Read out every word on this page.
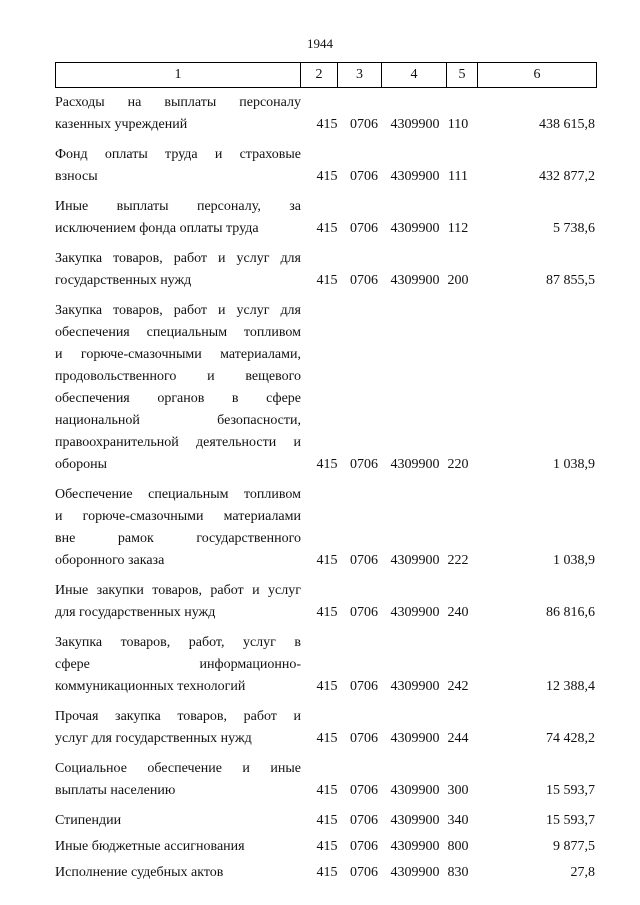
1944
1	2	3	4	5	6
Расходы на выплаты персоналу
казенных учреждений	415 0706 4309900 110	438 615,8
Фонд оплаты труда и страховые
взносы	415 0706 4309900 111	432 877,2
Иные выплаты персоналу, за
исключением фонда оплаты труда	415 0706 4309900 112	5 738,6
Закупка товаров, работ и услуг для
государственных нужд	415 0706 4309900 200	87 855,5
Закупка товаров, работ и услуг для
обеспечения специальным топливом
и горюче-смазочными материалами,
продовольственного и вещевого
обеспечения органов в сфере
национальной безопасности,
правоохранительной деятельности и
обороны	415 0706 4309900 220	1 038,9
Обеспечение специальным топливом
и горюче-смазочными материалами
вне рамок государственного
оборонного заказа	415 0706 4309900 222	1 038,9
Иные закупки товаров, работ и услуг
для государственных нужд	415 0706 4309900 240	86 816,6
Закупка товаров, работ, услуг в
сфере информационно-
коммуникационных технологий	415 0706 4309900 242	12 388,4
Прочая закупка товаров, работ и
услуг для государственных нужд	415 0706 4309900 244	74 428,2
Социальное обеспечение и иные
выплаты населению	415 0706 4309900 300	15 593,7
Стипендии	415 0706 4309900 340	15 593,7
Иные бюджетные ассигнования	415 0706 4309900 800	9 877,5
Исполнение судебных актов	415 0706 4309900 830	27,8
